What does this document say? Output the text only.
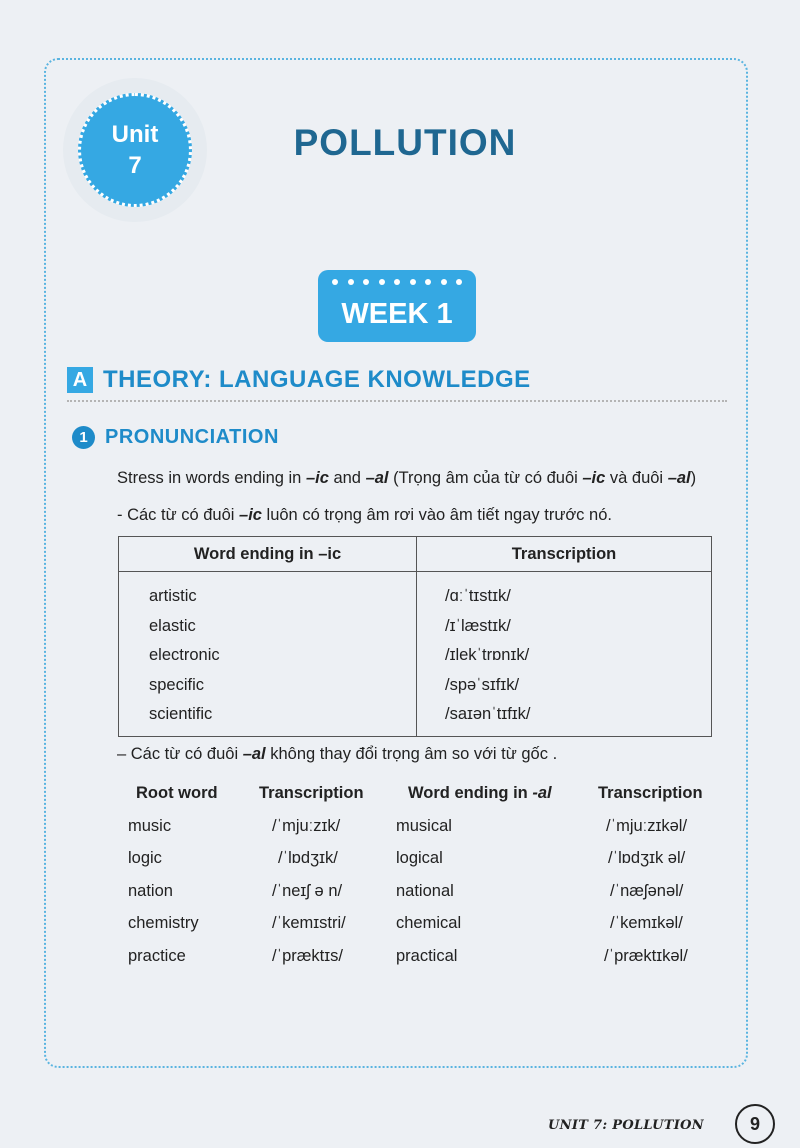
Unit
7
POLLUTION
WEEK 1
A THEORY: LANGUAGE KNOWLEDGE
1 PRONUNCIATION
Stress in words ending in –ic and –al (Trọng âm của từ có đuôi –ic và đuôi –al)
- Các từ có đuôi –ic luôn có trọng âm rơi vào âm tiết ngay trước nó.
Word ending in –ic	Transcription
artistic	/ɑːˈtɪstɪk/
elastic	/ɪˈlæstɪk/
electronic	/ɪlekˈtrɒnɪk/
specific	/spəˈsɪfɪk/
scientific	/saɪənˈtɪfɪk/
– Các từ có đuôi –al không thay đổi trọng âm so với từ gốc .
Root word	Transcription	Word ending in -al	Transcription
music	/ˈmjuːzɪk/	musical	/ˈmjuːzɪkəl/
logic	/ˈlɒdʒɪk/	logical	/ˈlɒdʒɪk əl/
nation	/ˈneɪʃ ə n/	national	/ˈnæʃənəl/
chemistry	/ˈkemɪstri/	chemical	/ˈkemɪkəl/
practice	/ˈpræktɪs/	practical	/ˈpræktɪkəl/
UNIT 7: POLLUTION	9
